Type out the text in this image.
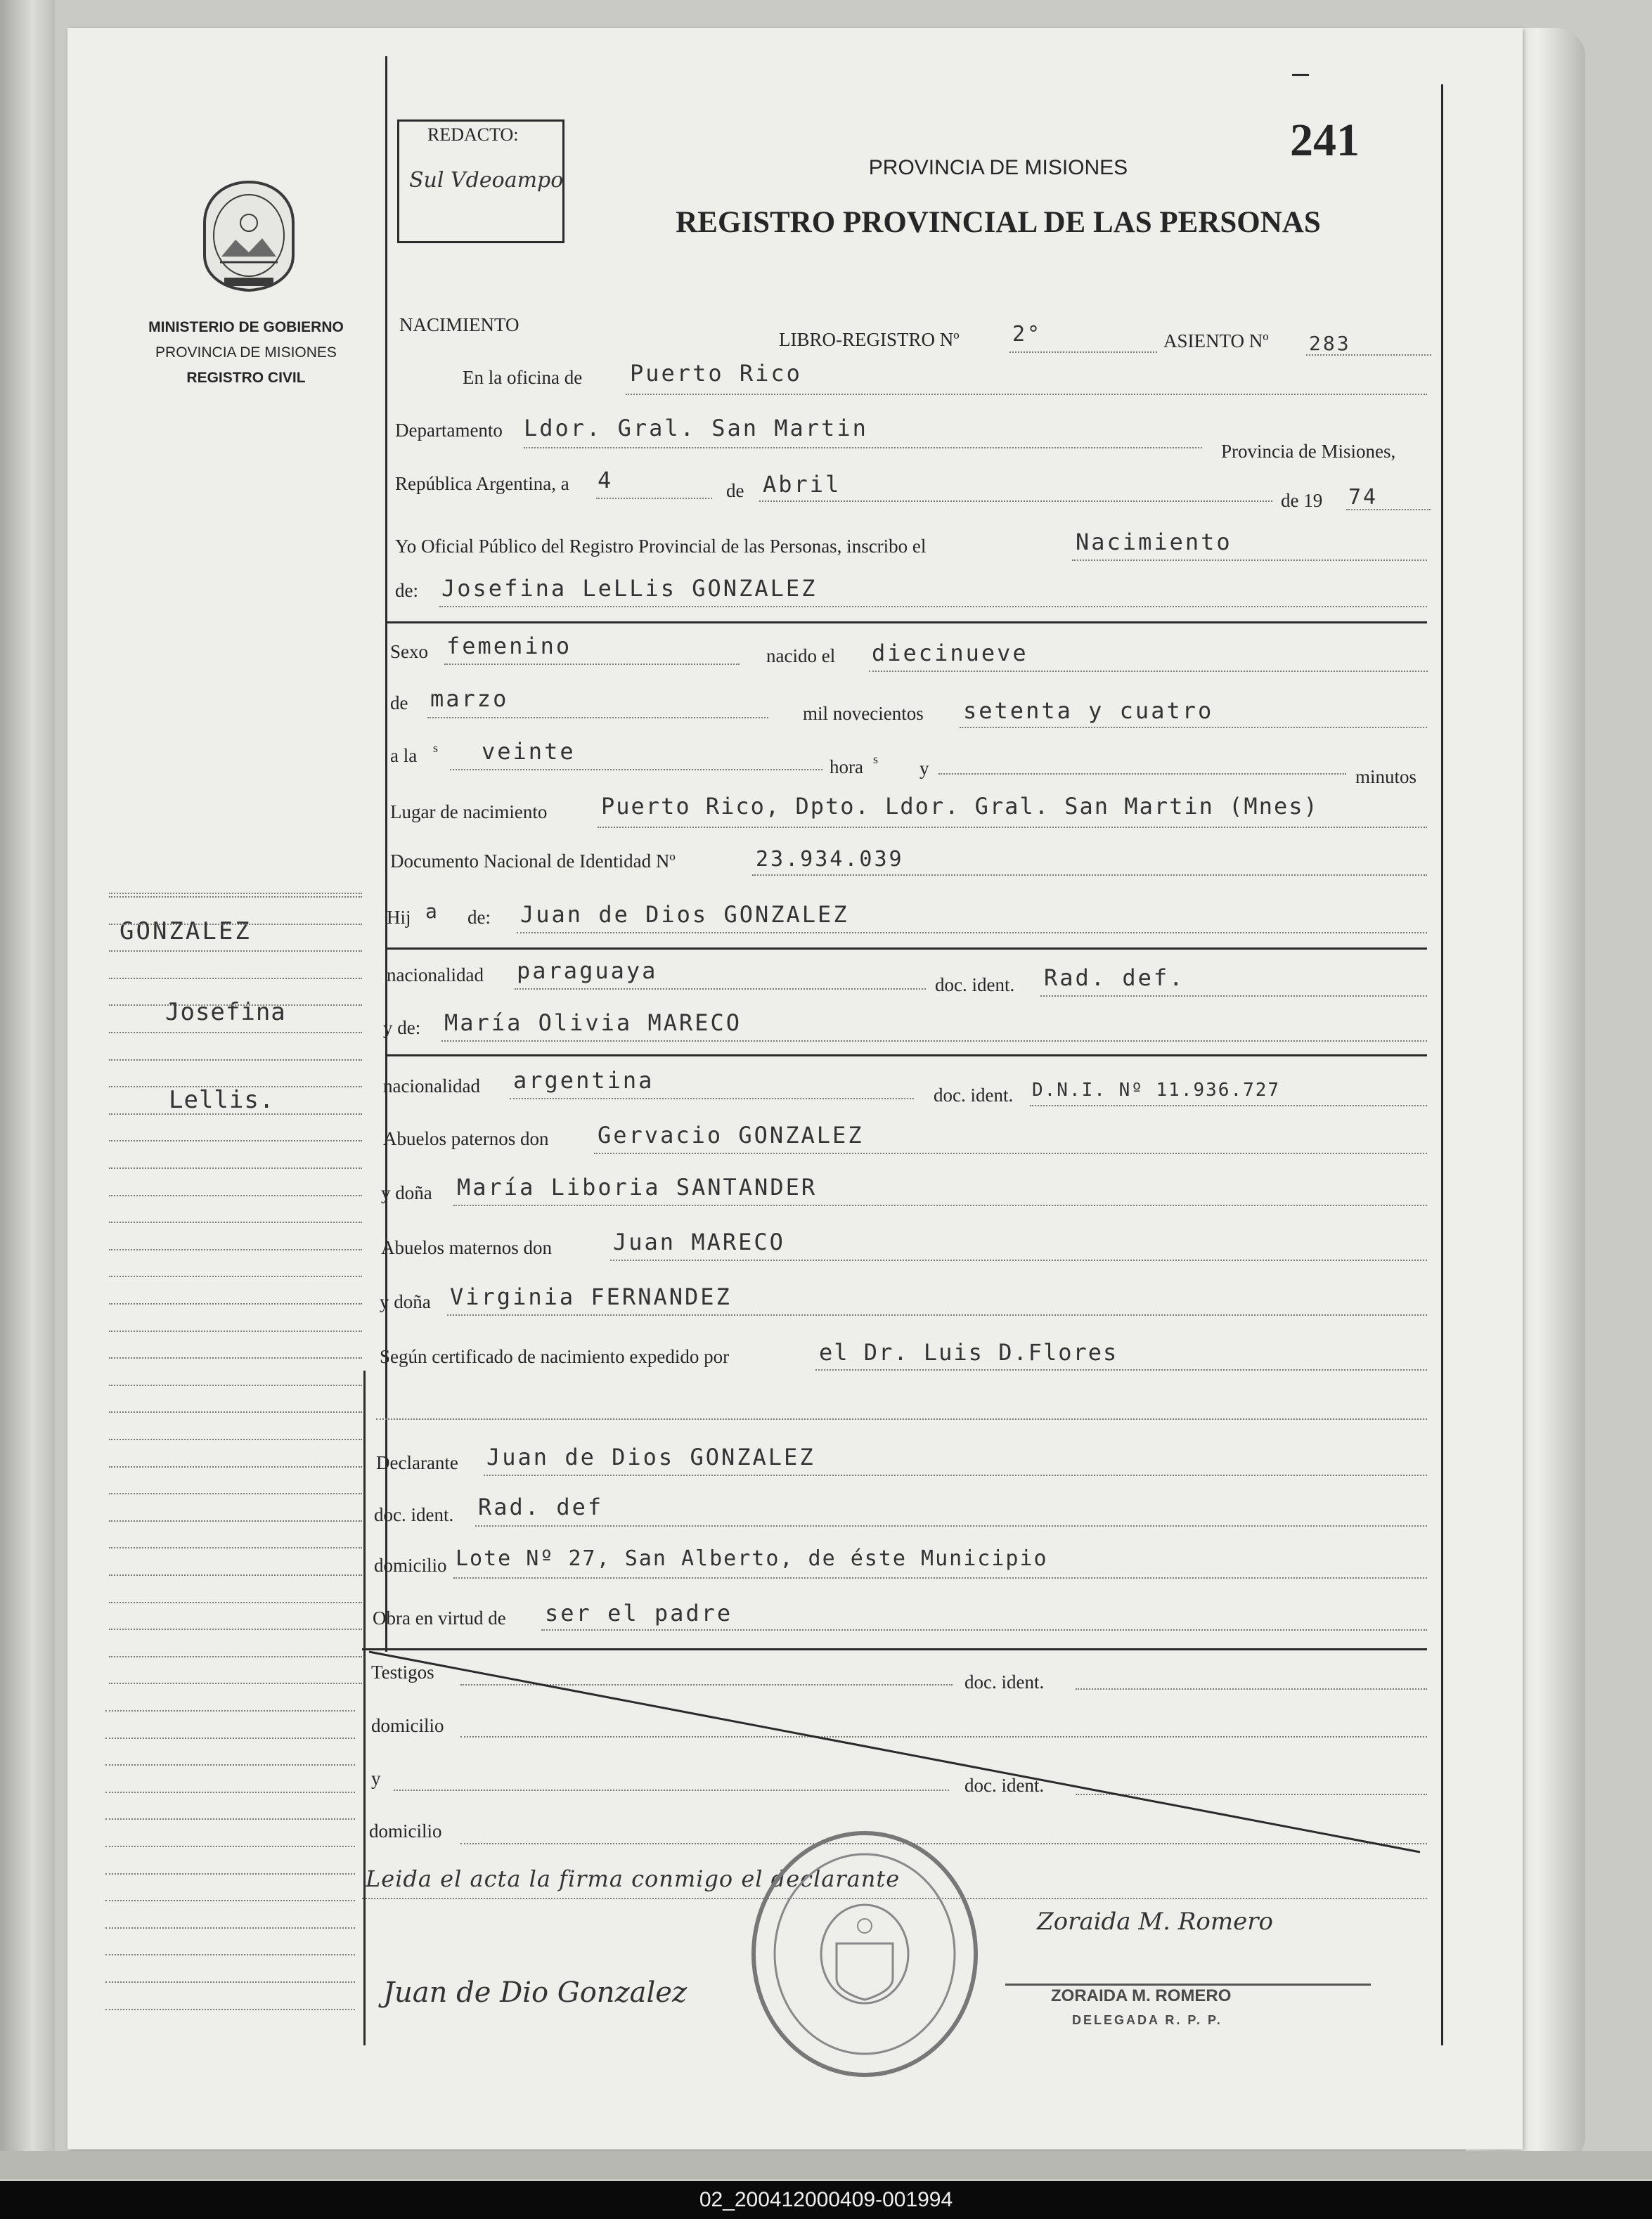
MINISTERIO DE GOBIERNO
PROVINCIA DE MISIONES
REGISTRO CIVIL
GONZALEZ
Josefina
Lellis.
REDACTO:
Sul Vdeoampo
PROVINCIA DE MISIONES
REGISTRO PROVINCIAL DE LAS PERSONAS
241
NACIMIENTO
LIBRO-REGISTRO Nº	2°	ASIENTO Nº 283
En la oficina de Puerto Rico
Departamento Ldor. Gral. San Martin
Provincia de Misiones,
República Argentina, a 4	de Abril
de 19 74
Yo Oficial Público del Registro Provincial de las Personas, inscribo el	Nacimiento
de: Josefina LeLLis GONZALEZ
Sexo femenino	nacido el diecinueve
de marzo
mil novecientos setenta y cuatro
a la s veinte
hora s y	minutos
Lugar de nacimiento Puerto Rico, Dpto. Ldor. Gral. San Martin (Mnes)
Documento Nacional de Identidad Nº	23.934.039
Hij a de: Juan de Dios GONZALEZ
nacionalidad paraguaya
doc. ident. Rad. def.
y de: María Olivia MARECO
nacionalidad argentina
doc. ident. D.N.I. Nº 11.936.727
Abuelos paternos don Gervacio GONZALEZ
y doña María Liboria SANTANDER
Abuelos maternos don	Juan MARECO
y doña Virginia FERNANDEZ
Según certificado de nacimiento expedido por	el Dr. Luis D.Flores
Declarante Juan de Dios GONZALEZ
doc. ident. Rad. def
domicilio Lote Nº 27, San Alberto, de éste Municipio
Obra en virtud de ser el padre
Testigos	doc. ident.
domicilio
y	doc. ident.
domicilio
Leida el acta la firma conmigo el declarante
Juan de Dio Gonzalez
Zoraida M. Romero
ZORAIDA M. ROMERO
DELEGADA R. P. P.
02_200412000409-001994
